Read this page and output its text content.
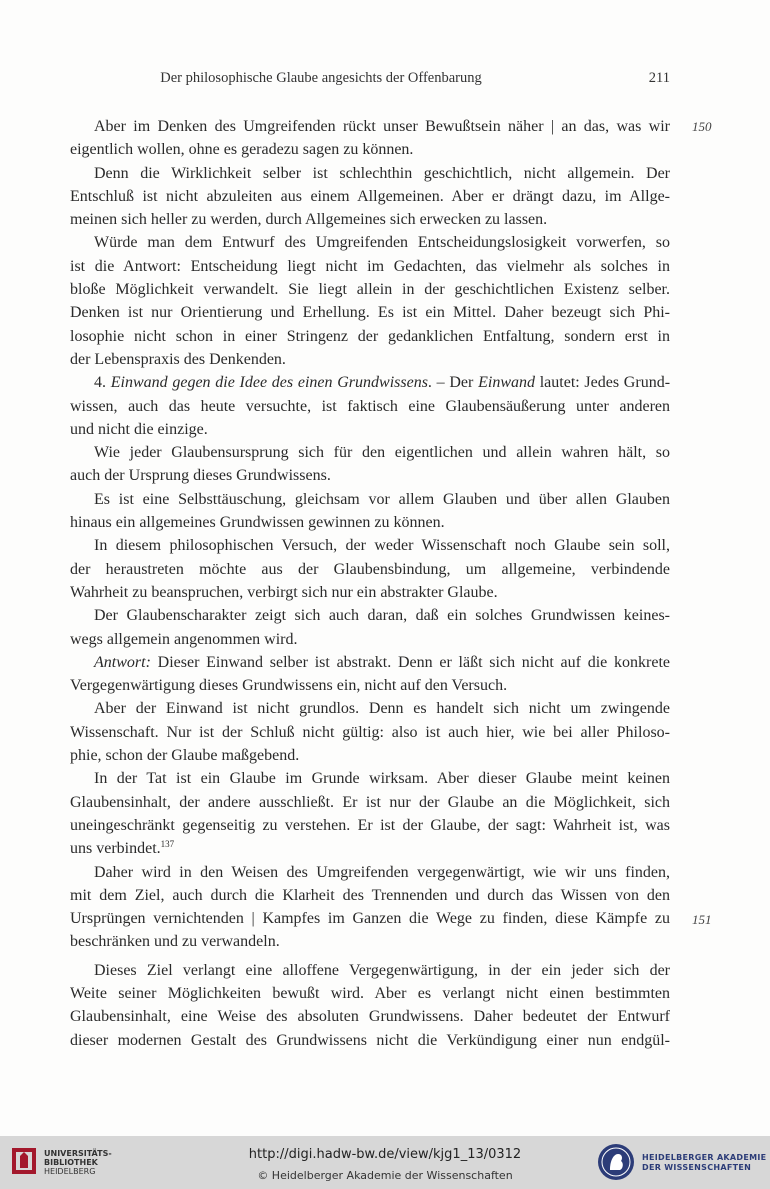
Der philosophische Glaube angesichts der Offenbarung	211
150
151
Aber im Denken des Umgreifenden rückt unser Bewußtsein näher | an das, was wir
eigentlich wollen, ohne es geradezu sagen zu können.
Denn die Wirklichkeit selber ist schlechthin geschichtlich, nicht allgemein. Der
Entschluß ist nicht abzuleiten aus einem Allgemeinen. Aber er drängt dazu, im Allge-
meinen sich heller zu werden, durch Allgemeines sich erwecken zu lassen.
Würde man dem Entwurf des Umgreifenden Entscheidungslosigkeit vorwerfen, so
ist die Antwort: Entscheidung liegt nicht im Gedachten, das vielmehr als solches in
bloße Möglichkeit verwandelt. Sie liegt allein in der geschichtlichen Existenz selber.
Denken ist nur Orientierung und Erhellung. Es ist ein Mittel. Daher bezeugt sich Phi-
losophie nicht schon in einer Stringenz der gedanklichen Entfaltung, sondern erst in
der Lebenspraxis des Denkenden.
4. Einwand gegen die Idee des einen Grundwissens. – Der Einwand lautet: Jedes Grund-
wissen, auch das heute versuchte, ist faktisch eine Glaubensäußerung unter anderen
und nicht die einzige.
Wie jeder Glaubensursprung sich für den eigentlichen und allein wahren hält, so
auch der Ursprung dieses Grundwissens.
Es ist eine Selbsttäuschung, gleichsam vor allem Glauben und über allen Glauben
hinaus ein allgemeines Grundwissen gewinnen zu können.
In diesem philosophischen Versuch, der weder Wissenschaft noch Glaube sein soll,
der heraustreten möchte aus der Glaubensbindung, um allgemeine, verbindende
Wahrheit zu beanspruchen, verbirgt sich nur ein abstrakter Glaube.
Der Glaubenscharakter zeigt sich auch daran, daß ein solches Grundwissen keines-
wegs allgemein angenommen wird.
Antwort: Dieser Einwand selber ist abstrakt. Denn er läßt sich nicht auf die konkrete
Vergegenwärtigung dieses Grundwissens ein, nicht auf den Versuch.
Aber der Einwand ist nicht grundlos. Denn es handelt sich nicht um zwingende
Wissenschaft. Nur ist der Schluß nicht gültig: also ist auch hier, wie bei aller Philoso-
phie, schon der Glaube maßgebend.
In der Tat ist ein Glaube im Grunde wirksam. Aber dieser Glaube meint keinen
Glaubensinhalt, der andere ausschließt. Er ist nur der Glaube an die Möglichkeit, sich
uneingeschränkt gegenseitig zu verstehen. Er ist der Glaube, der sagt: Wahrheit ist, was
uns verbindet.$^{137}$
Daher wird in den Weisen des Umgreifenden vergegenwärtigt, wie wir uns finden,
mit dem Ziel, auch durch die Klarheit des Trennenden und durch das Wissen von den
Ursprüngen vernichtenden | Kampfes im Ganzen die Wege zu finden, diese Kämpfe zu
beschränken und zu verwandeln.
Dieses Ziel verlangt eine alloffene Vergegenwärtigung, in der ein jeder sich der
Weite seiner Möglichkeiten bewußt wird. Aber es verlangt nicht einen bestimmten
Glaubensinhalt, eine Weise des absoluten Grundwissens. Daher bedeutet der Entwurf
dieser modernen Gestalt des Grundwissens nicht die Verkündigung einer nun endgül-
UNIVERSITÄTS-
BIBLIOTHEK
HEIDELBERG
http://digi.hadw-bw.de/view/kjg1_13/0312
© Heidelberger Akademie der Wissenschaften
HEIDELBERGER AKADEMIE
DER WISSENSCHAFTEN
